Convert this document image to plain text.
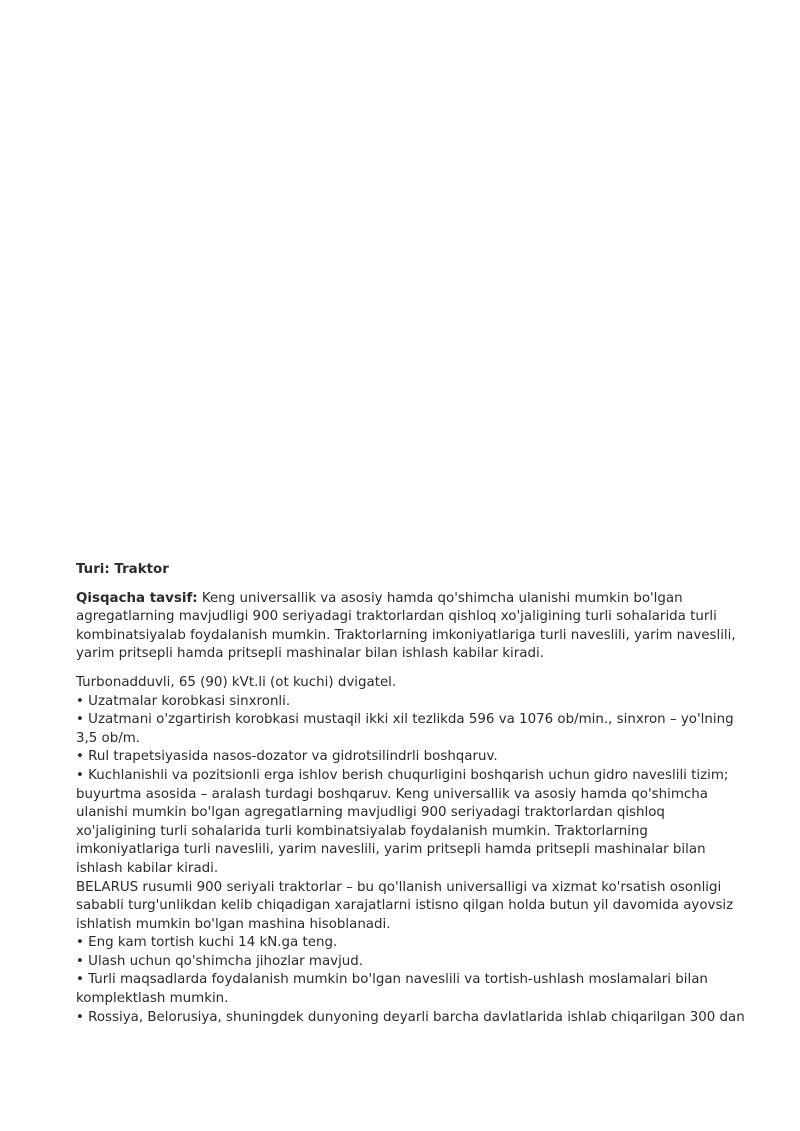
Turi: Traktor
Qisqacha tavsif: Keng universallik va asosiy hamda qo'shimcha ulanishi mumkin bo'lgan agregatlarning mavjudligi 900 seriyadagi traktorlardan qishloq xo'jaligining turli sohalarida turli kombinatsiyalab foydalanish mumkin. Traktorlarning imkoniyatlariga turli naveslili, yarim naveslili, yarim pritsepli hamda pritsepli mashinalar bilan ishlash kabilar kiradi.
Turbonadduvli, 65 (90) kVt.li (ot kuchi) dvigatel.
• Uzatmalar korobkasi sinxronli.
• Uzatmani o'zgartirish korobkasi mustaqil ikki xil tezlikda 596 va 1076 ob/min., sinxron – yo'lning
3,5 ob/m.
• Rul trapetsiyasida nasos-dozator va gidrotsilindrli boshqaruv.
• Kuchlanishli va pozitsionli erga ishlov berish chuqurligini boshqarish uchun gidro naveslili tizim;
buyurtma asosida – aralash turdagi boshqaruv. Keng universallik va asosiy hamda qo'shimcha
ulanishi mumkin bo'lgan agregatlarning mavjudligi 900 seriyadagi traktorlardan qishloq
xo'jaligining turli sohalarida turli kombinatsiyalab foydalanish mumkin. Traktorlarning
imkoniyatlariga turli naveslili, yarim naveslili, yarim pritsepli hamda pritsepli mashinalar bilan
ishlash kabilar kiradi.
BELARUS rusumli 900 seriyali traktorlar – bu qo'llanish universalligi va xizmat ko'rsatish osonligi
sababli turg'unlikdan kelib chiqadigan xarajatlarni istisno qilgan holda butun yil davomida ayovsiz
ishlatish mumkin bo'lgan mashina hisoblanadi.
• Eng kam tortish kuchi 14 kN.ga teng.
• Ulash uchun qo'shimcha jihozlar mavjud.
• Turli maqsadlarda foydalanish mumkin bo'lgan naveslili va tortish-ushlash moslamalari bilan
komplektlash mumkin.
• Rossiya, Belorusiya, shuningdek dunyoning deyarli barcha davlatlarida ishlab chiqarilgan 300 dan
